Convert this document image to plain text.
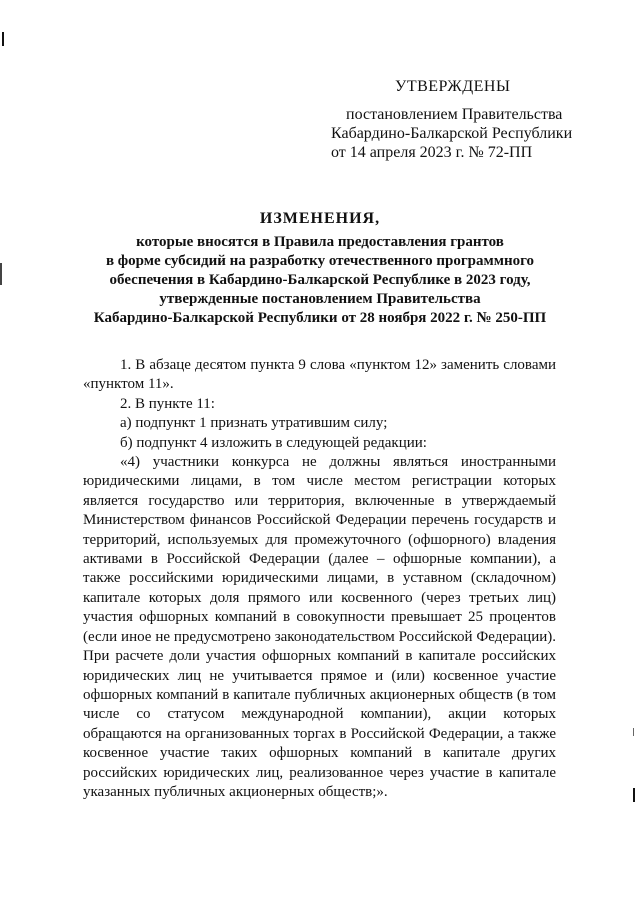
УТВЕРЖДЕНЫ
постановлением Правительства
Кабардино-Балкарской Республики
от 14 апреля 2023 г. № 72-ПП
ИЗМЕНЕНИЯ,
которые вносятся в Правила предоставления грантов
в форме субсидий на разработку отечественного программного
обеспечения в Кабардино-Балкарской Республике в 2023 году,
утвержденные постановлением Правительства
Кабардино-Балкарской Республики от 28 ноября 2022 г. № 250-ПП

1. В абзаце десятом пункта 9 слова «пунктом 12» заменить словами «пунктом 11».

2. В пункте 11:

а) подпункт 1 признать утратившим силу;

б) подпункт 4 изложить в следующей редакции:

«4) участники конкурса не должны являться иностранными юридическими лицами, в том числе местом регистрации которых является государство или территория, включенные в утверждаемый Министерством финансов Российской Федерации перечень государств и территорий, используемых для промежуточного (офшорного) владения активами в Российской Федерации (далее – офшорные компании), а также российскими юридическими лицами, в уставном (складочном) капитале которых доля прямого или косвенного (через третьих лиц) участия офшорных компаний в совокупности превышает 25 процентов (если иное не предусмотрено законодательством Российской Федерации). При расчете доли участия офшорных компаний в капитале российских юридических лиц не учитывается прямое и (или) косвенное участие офшорных компаний в капитале публичных акционерных обществ (в том числе со статусом международной компании), акции которых обращаются на организованных торгах в Российской Федерации, а также косвенное участие таких офшорных компаний в капитале других российских юридических лиц, реализованное через участие в капитале указанных публичных акционерных обществ;».
